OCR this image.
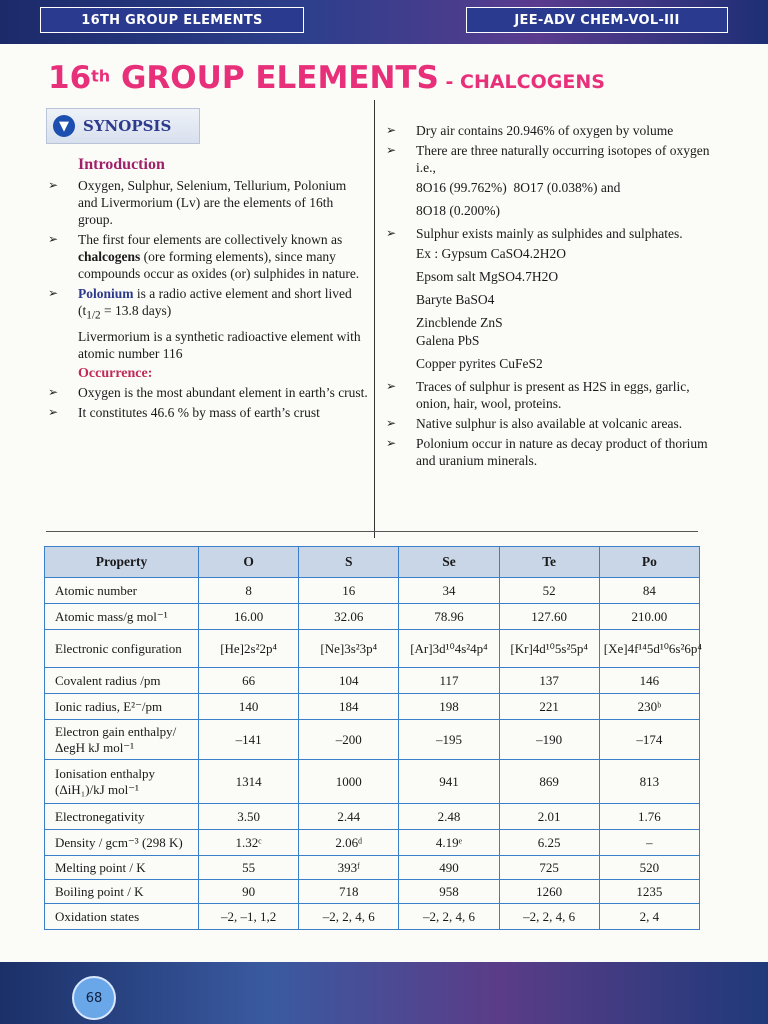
16TH GROUP ELEMENTS	JEE-ADV CHEM-VOL-III
16th GROUP ELEMENTS - CHALCOGENS
▼ SYNOPSIS
Introduction
➢ Oxygen, Sulphur, Selenium, Tellurium, Polonium and Livermorium (Lv) are the elements of 16th group.
➢ The first four elements are collectively known as chalcogens (ore forming elements), since many compounds occur as oxides (or) sulphides in nature.
➢ Polonium is a radio active element and short lived ($t_{1/2} = 13.8$ days)
Livermorium is a synthetic radioactive element with atomic number 116
Occurrence:
➢ Oxygen is the most abundant element in earth’s crust.
➢ It constitutes 46.6 % by mass of earth’s crust
➢ Dry air contains 20.946% of oxygen by volume
➢ There are three naturally occurring isotopes of oxygen i.e.,
8O16 (99.762%) 8O17 (0.038%) and
8O18 (0.200%)
➢ Sulphur exists mainly as sulphides and sulphates.
Ex : Gypsum CaSO4.2H2O
Epsom salt MgSO4.7H2O
Baryte BaSO4
Zincblende ZnS
Galena PbS
Copper pyrites CuFeS2
➢ Traces of sulphur is present as H2S in eggs, garlic, onion, hair, wool, proteins.
➢ Native sulphur is also available at volcanic areas.
➢ Polonium occur in nature as decay product of thorium and uranium minerals.
Property	O	S	Se	Te	Po
Atomic number	8	16	34	52	84
Atomic mass/g mol⁻¹	16.00	32.06	78.96	127.60	210.00
Electronic configuration	[He]2s²2p⁴	[Ne]3s²3p⁴	[Ar]3d¹⁰4s²4p⁴	[Kr]4d¹⁰5s²5p⁴	[Xe]4f¹⁴5d¹⁰6s²6p⁴
Covalent radius /pm	66	104	117	137	146
Ionic radius, E²⁻/pm	140	184	198	221	230ᵇ
Electron gain enthalpy/ ΔegH kJ mol⁻¹	–141	–200	–195	–190	–174
Ionisation enthalpy (ΔiH₁)/kJ mol⁻¹	1314	1000	941	869	813
Electronegativity	3.50	2.44	2.48	2.01	1.76
Density / gcm⁻³ (298 K)	1.32ᶜ	2.06ᵈ	4.19ᵉ	6.25	–
Melting point / K	55	393ᶠ	490	725	520
Boiling point / K	90	718	958	1260	1235
Oxidation states	–2, –1, 1,2	–2, 2, 4, 6	–2, 2, 4, 6	–2, 2, 4, 6	2, 4
68
